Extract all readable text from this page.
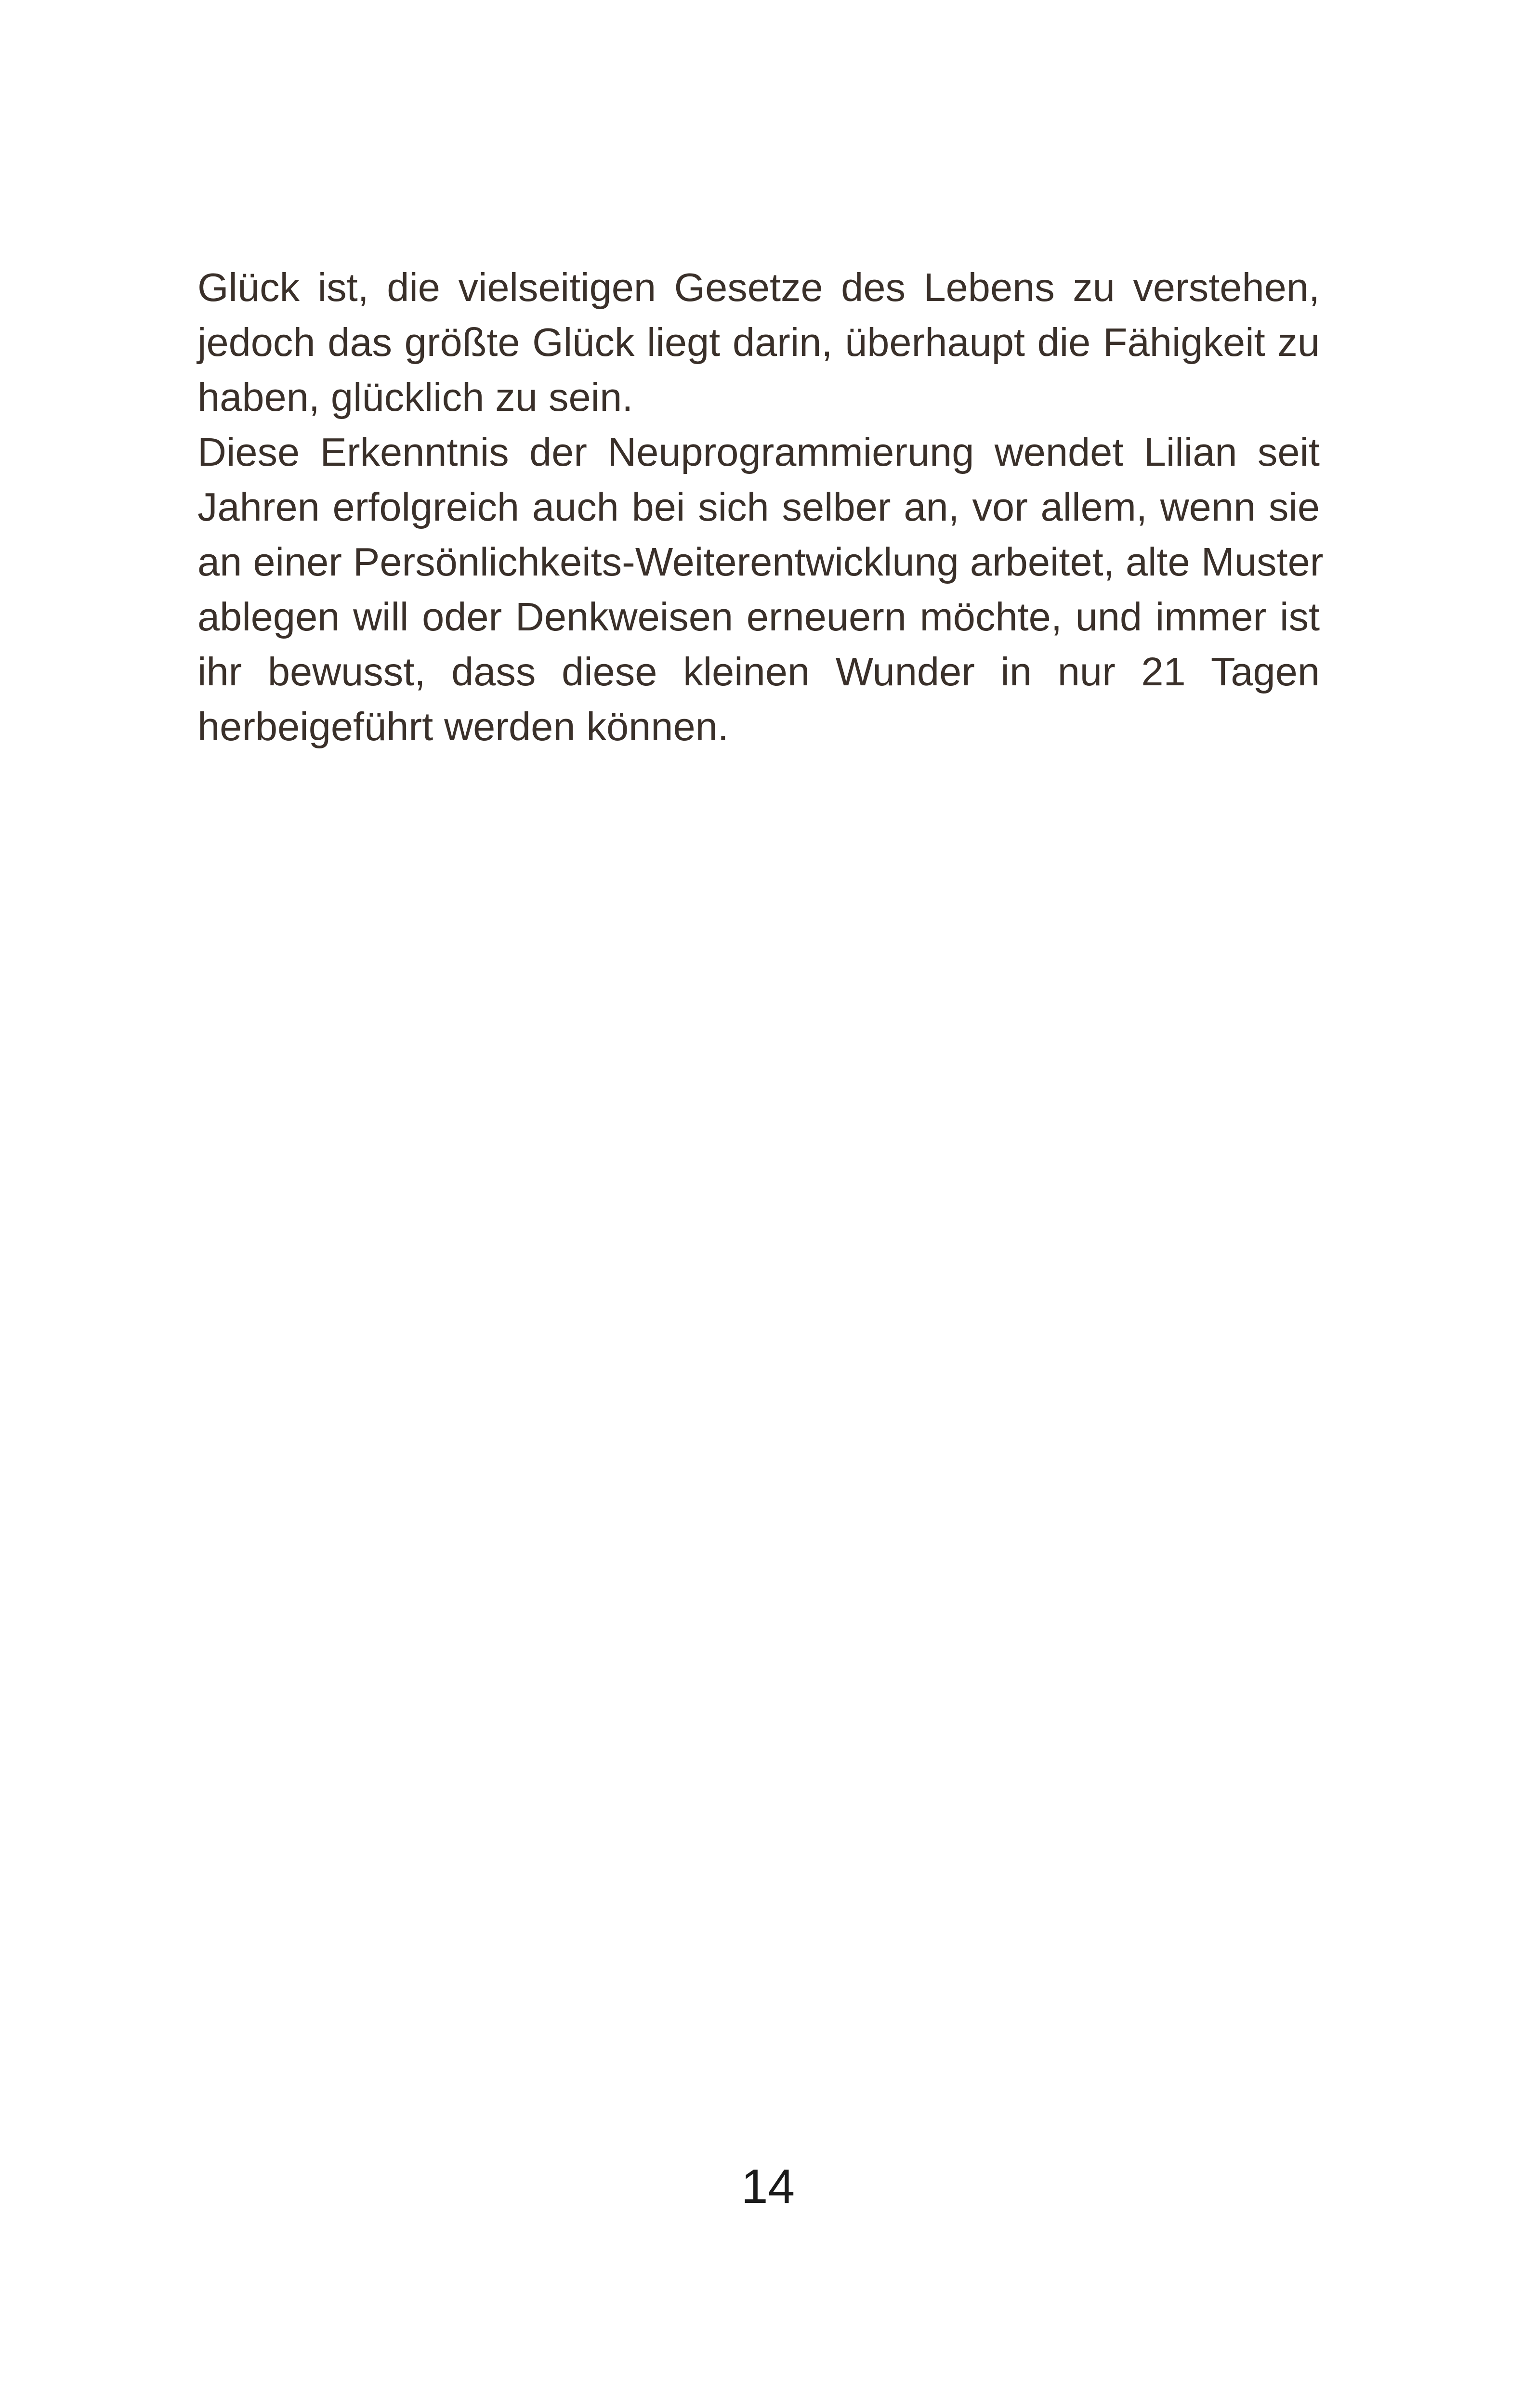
Glück ist, die vielseitigen Gesetze des Lebens zu verstehen,
jedoch das größte Glück liegt darin, überhaupt die Fähigkeit zu
haben, glücklich zu sein.

Diese Erkenntnis der Neuprogrammierung wendet Lilian seit
Jahren erfolgreich auch bei sich selber an, vor allem, wenn sie
an einer Persönlichkeits-Weiterentwicklung arbeitet, alte Muster
ablegen will oder Denkweisen erneuern möchte, und immer ist
ihr bewusst, dass diese kleinen Wunder in nur 21 Tagen
herbeigeführt werden können.

14
